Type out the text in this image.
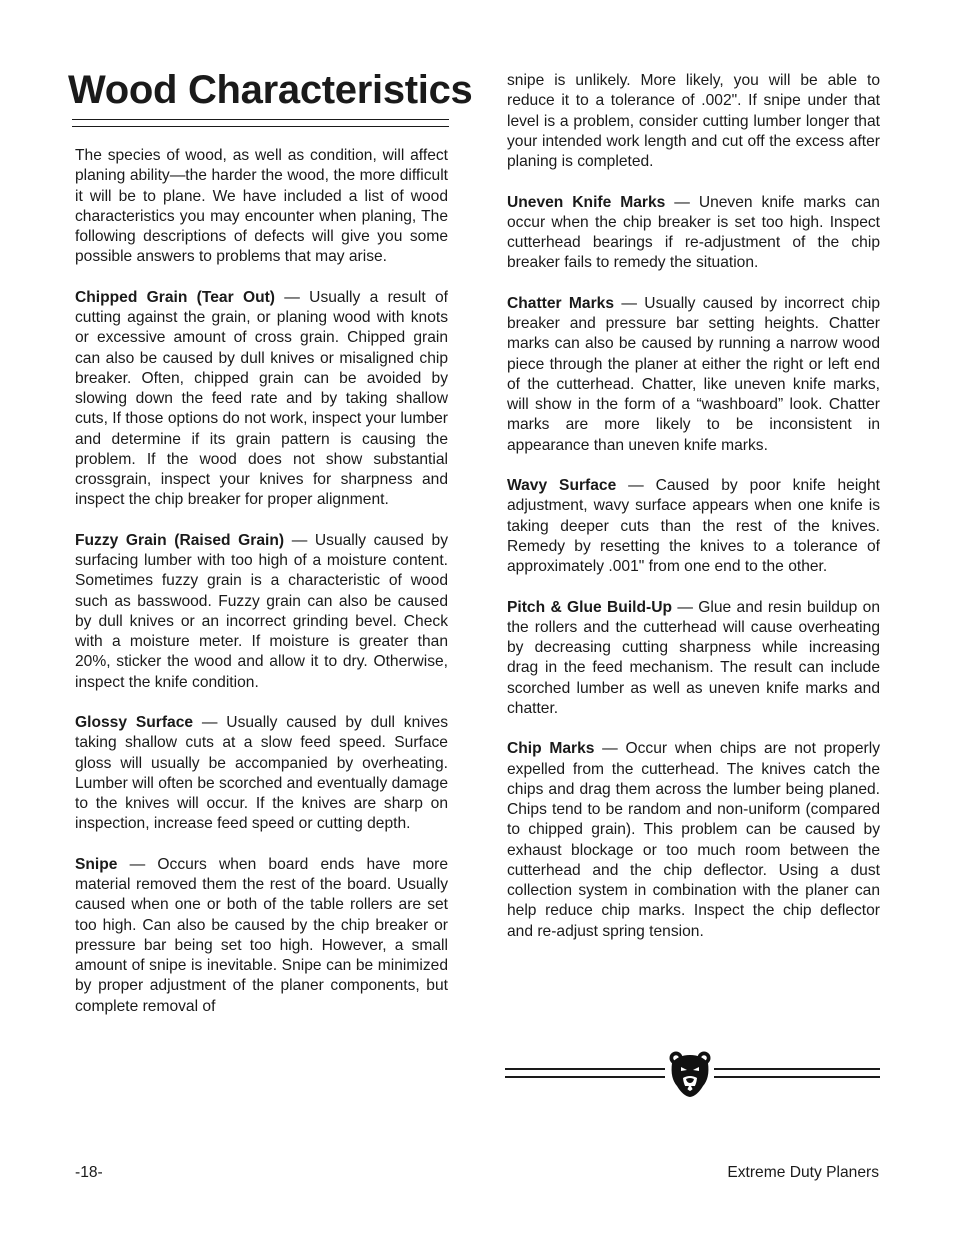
Wood Characteristics

The species of wood, as well as condition, will affect planing ability—the harder the wood, the more difficult it will be to plane. We have included a list of wood characteristics you may encounter when planing, The following descriptions of defects will give you some possible answers to problems that may arise.

Chipped Grain (Tear Out) — Usually a result of cutting against the grain, or planing wood with knots or excessive amount of cross grain. Chipped grain can also be caused by dull knives or misaligned chip breaker. Often, chipped grain can be avoided by slowing down the feed rate and by taking shallow cuts, If those options do not work, inspect your lumber and determine if its grain pattern is causing the problem. If the wood does not show substantial crossgrain, inspect your knives for sharpness and inspect the chip breaker for proper alignment.

Fuzzy Grain (Raised Grain) — Usually caused by surfacing lumber with too high of a moisture content. Sometimes fuzzy grain is a characteristic of wood such as basswood. Fuzzy grain can also be caused by dull knives or an incorrect grinding bevel. Check with a moisture meter. If moisture is greater than 20%, sticker the wood and allow it to dry. Otherwise, inspect the knife condition.

Glossy Surface — Usually caused by dull knives taking shallow cuts at a slow feed speed. Surface gloss will usually be accompanied by overheating. Lumber will often be scorched and eventually damage to the knives will occur. If the knives are sharp on inspection, increase feed speed or cutting depth.

Snipe — Occurs when board ends have more material removed them the rest of the board. Usually caused when one or both of the table rollers are set too high. Can also be caused by the chip breaker or pressure bar being set too high. However, a small amount of snipe is inevitable. Snipe can be minimized by proper adjustment of the planer components, but complete removal of

snipe is unlikely. More likely, you will be able to reduce it to a tolerance of .002". If snipe under that level is a problem, consider cutting lumber longer that your intended work length and cut off the excess after planing is completed.

Uneven Knife Marks — Uneven knife marks can occur when the chip breaker is set too high. Inspect cutterhead bearings if re-adjustment of the chip breaker fails to remedy the situation.

Chatter Marks — Usually caused by incorrect chip breaker and pressure bar setting heights. Chatter marks can also be caused by running a narrow wood piece through the planer at either the right or left end of the cutterhead. Chatter, like uneven knife marks, will show in the form of a “washboard” look. Chatter marks are more likely to be inconsistent in appearance than uneven knife marks.

Wavy Surface — Caused by poor knife height adjustment, wavy surface appears when one knife is taking deeper cuts than the rest of the knives. Remedy by resetting the knives to a tolerance of approximately .001" from one end to the other.

Pitch & Glue Build-Up — Glue and resin buildup on the rollers and the cutterhead will cause overheating by decreasing cutting sharpness while increasing drag in the feed mechanism. The result can include scorched lumber as well as uneven knife marks and chatter.

Chip Marks — Occur when chips are not properly expelled from the cutterhead. The knives catch the chips and drag them across the lumber being planed. Chips tend to be random and non-uniform (compared to chipped grain). This problem can be caused by exhaust blockage or too much room between the cutterhead and the chip deflector. Using a dust collection system in combination with the planer can help reduce chip marks. Inspect the chip deflector and re-adjust spring tension.

-18-	Extreme Duty Planers
